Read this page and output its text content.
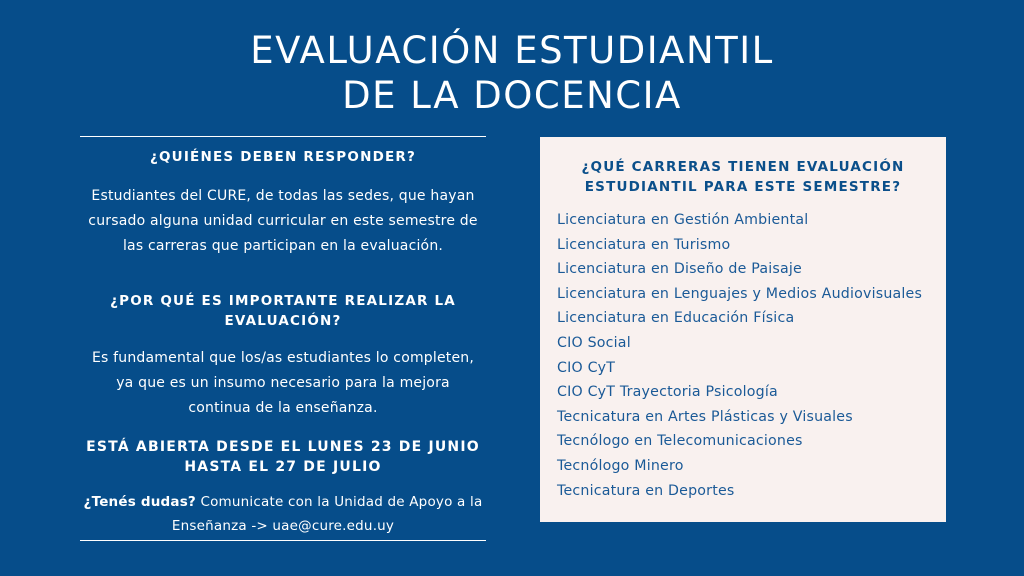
EVALUACIÓN ESTUDIANTIL
DE LA DOCENCIA
¿QUIÉNES DEBEN RESPONDER?
Estudiantes del CURE, de todas las sedes, que hayan
cursado alguna unidad curricular en este semestre de
las carreras que participan en la evaluación.
¿POR QUÉ ES IMPORTANTE REALIZAR LA
EVALUACIÓN?
Es fundamental que los/as estudiantes lo completen,
ya que es un insumo necesario para la mejora
continua de la enseñanza.
ESTÁ ABIERTA DESDE EL LUNES 23 DE JUNIO
HASTA EL 27 DE JULIO
¿Tenés dudas? Comunicate con la Unidad de Apoyo a la
Enseñanza -> uae@cure.edu.uy
¿QUÉ CARRERAS TIENEN EVALUACIÓN
ESTUDIANTIL PARA ESTE SEMESTRE?
Licenciatura en Gestión Ambiental
Licenciatura en Turismo
Licenciatura en Diseño de Paisaje
Licenciatura en Lenguajes y Medios Audiovisuales
Licenciatura en Educación Física
CIO Social
CIO CyT
CIO CyT Trayectoria Psicología
Tecnicatura en Artes Plásticas y Visuales
Tecnólogo en Telecomunicaciones
Tecnólogo Minero
Tecnicatura en Deportes
